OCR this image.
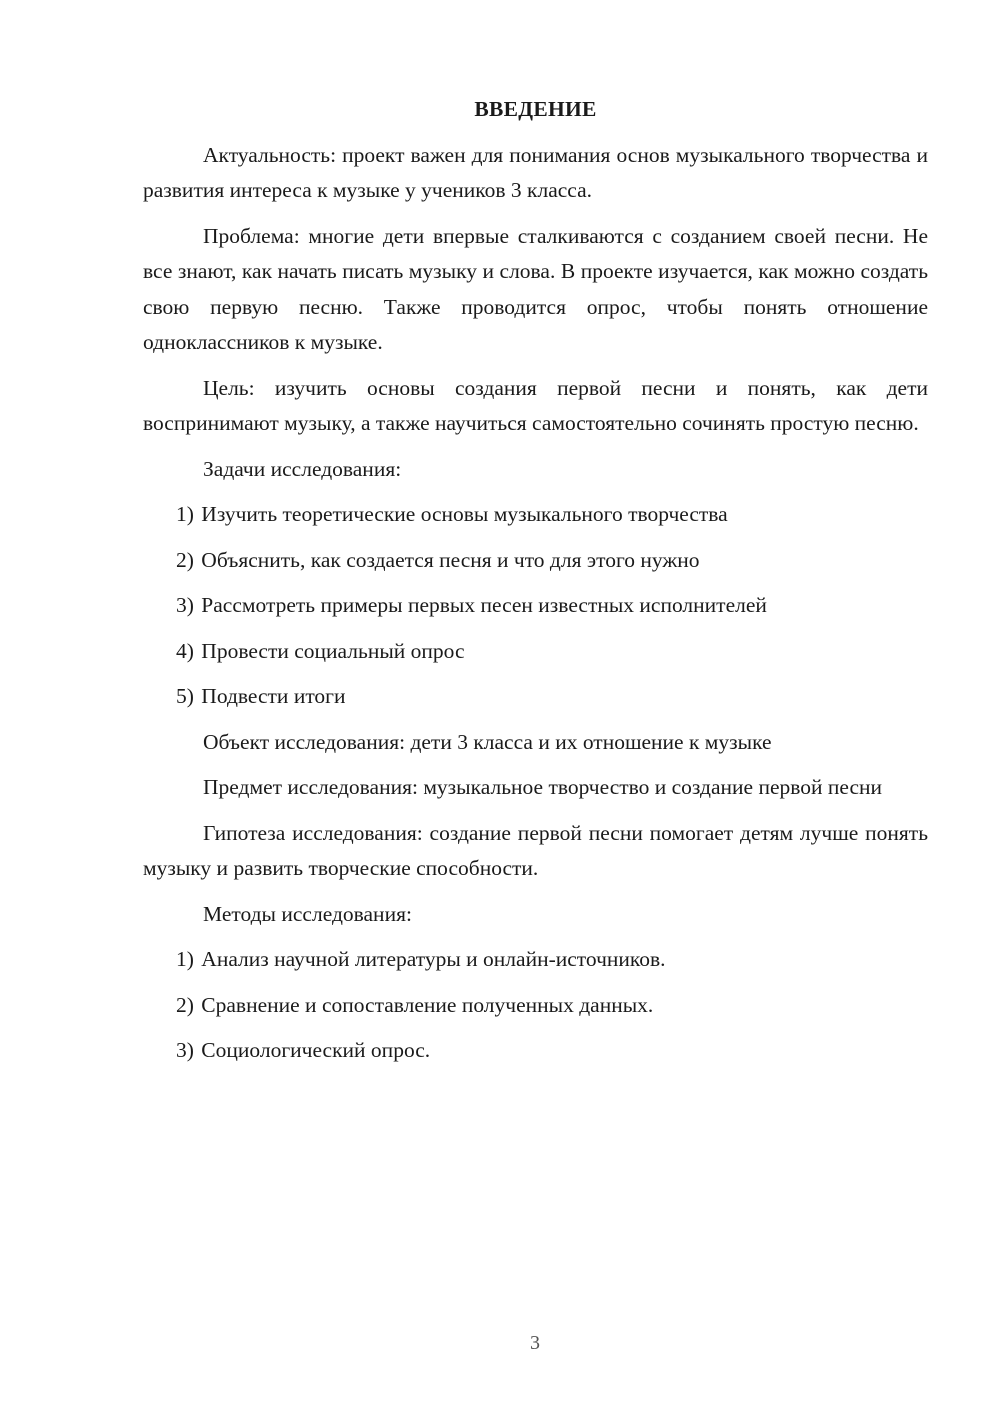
ВВЕДЕНИЕ
Актуальность: проект важен для понимания основ музыкального творчества и развития интереса к музыке у учеников 3 класса.
Проблема: многие дети впервые сталкиваются с созданием своей песни. Не все знают, как начать писать музыку и слова. В проекте изучается, как можно создать свою первую песню. Также проводится опрос, чтобы понять отношение одноклассников к музыке.
Цель: изучить основы создания первой песни и понять, как дети воспринимают музыку, а также научиться самостоятельно сочинять простую песню.
Задачи исследования:
1) Изучить теоретические основы музыкального творчества
2) Объяснить, как создается песня и что для этого нужно
3) Рассмотреть примеры первых песен известных исполнителей
4) Провести социальный опрос
5) Подвести итоги
Объект исследования: дети 3 класса и их отношение к музыке
Предмет исследования: музыкальное творчество и создание первой песни
Гипотеза исследования: создание первой песни помогает детям лучше понять музыку и развить творческие способности.
Методы исследования:
1) Анализ научной литературы и онлайн-источников.
2) Сравнение и сопоставление полученных данных.
3) Социологический опрос.
3
